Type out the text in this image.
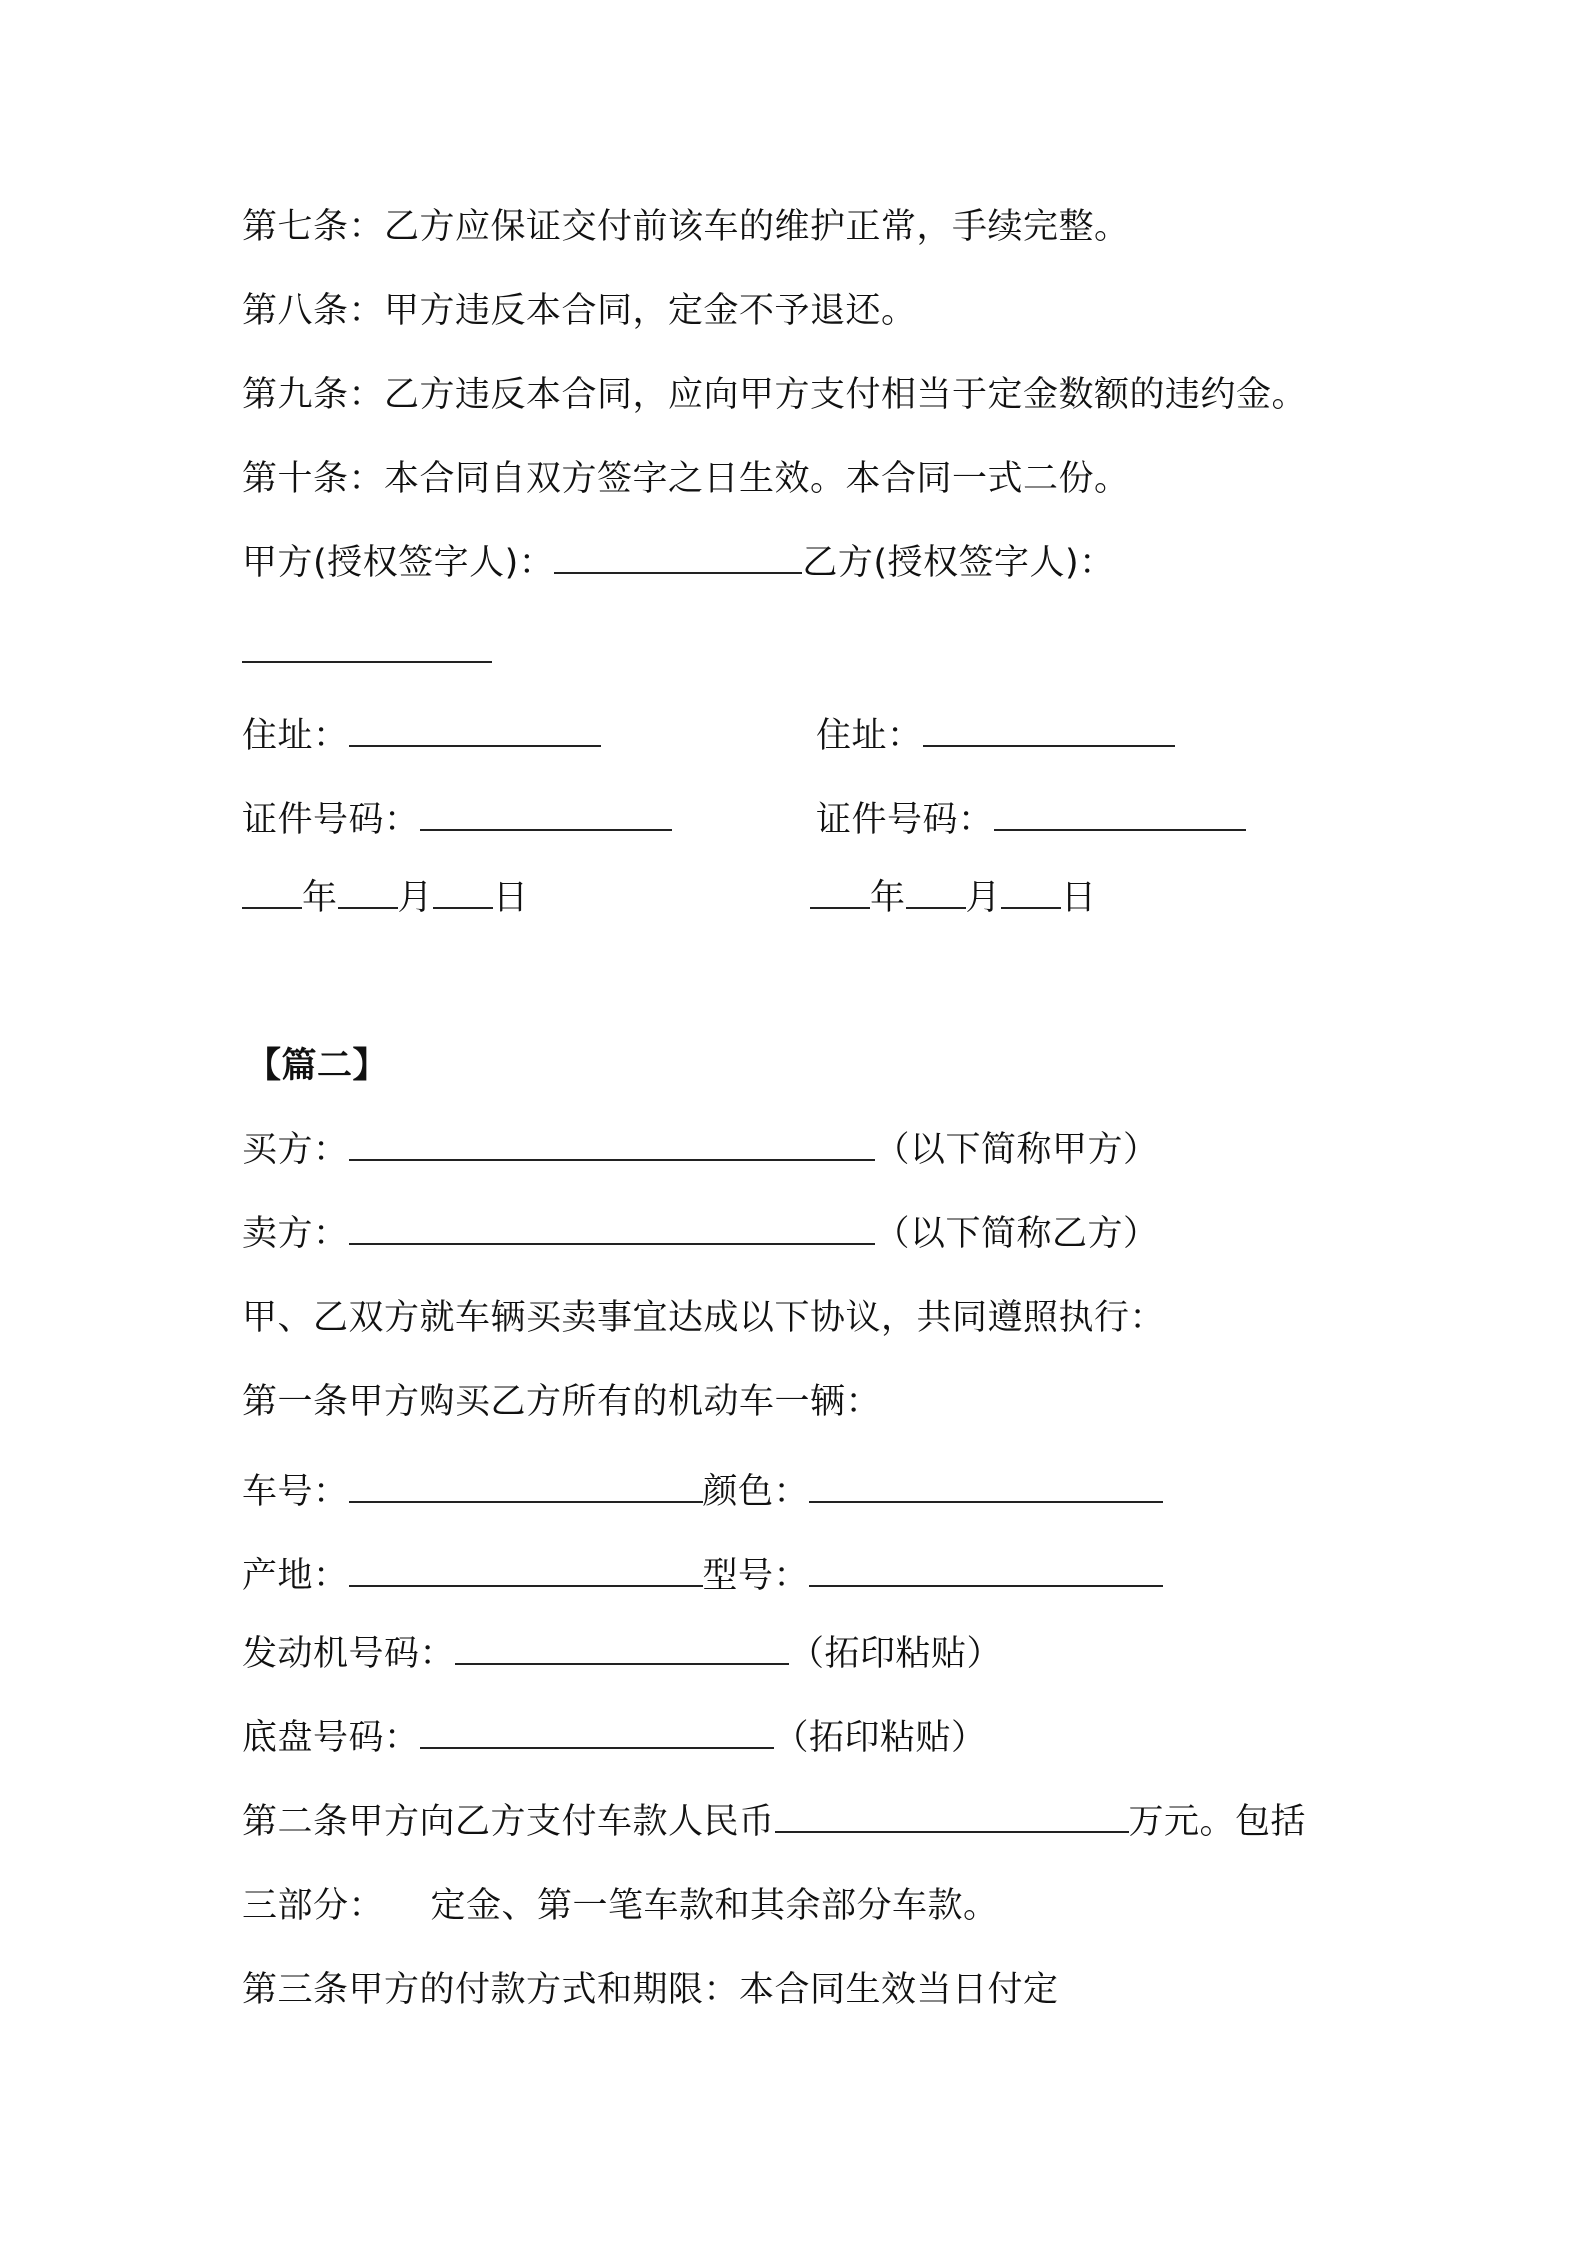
第七条：乙方应保证交付前该车的维护正常，手续完整。
第八条：甲方违反本合同，定金不予退还。
第九条：乙方违反本合同，应向甲方支付相当于定金数额的违约金。
第十条：本合同自双方签字之日生效。本合同一式二份。
甲方(授权签字人)：	乙方(授权签字人)：
住址：	住址：
证件号码：	证件号码：
年 月 日	年 月 日
【篇二】
买方：	（以下简称甲方）
卖方：	（以下简称乙方）
甲、乙双方就车辆买卖事宜达成以下协议，共同遵照执行：
第一条甲方购买乙方所有的机动车一辆：
车号：	颜色：
产地：	型号：
发动机号码：	（拓印粘贴）
底盘号码：	（拓印粘贴）
第二条甲方向乙方支付车款人民币	万元。包括
三部分：    定金、第一笔车款和其余部分车款。
第三条甲方的付款方式和期限：本合同生效当日付定
